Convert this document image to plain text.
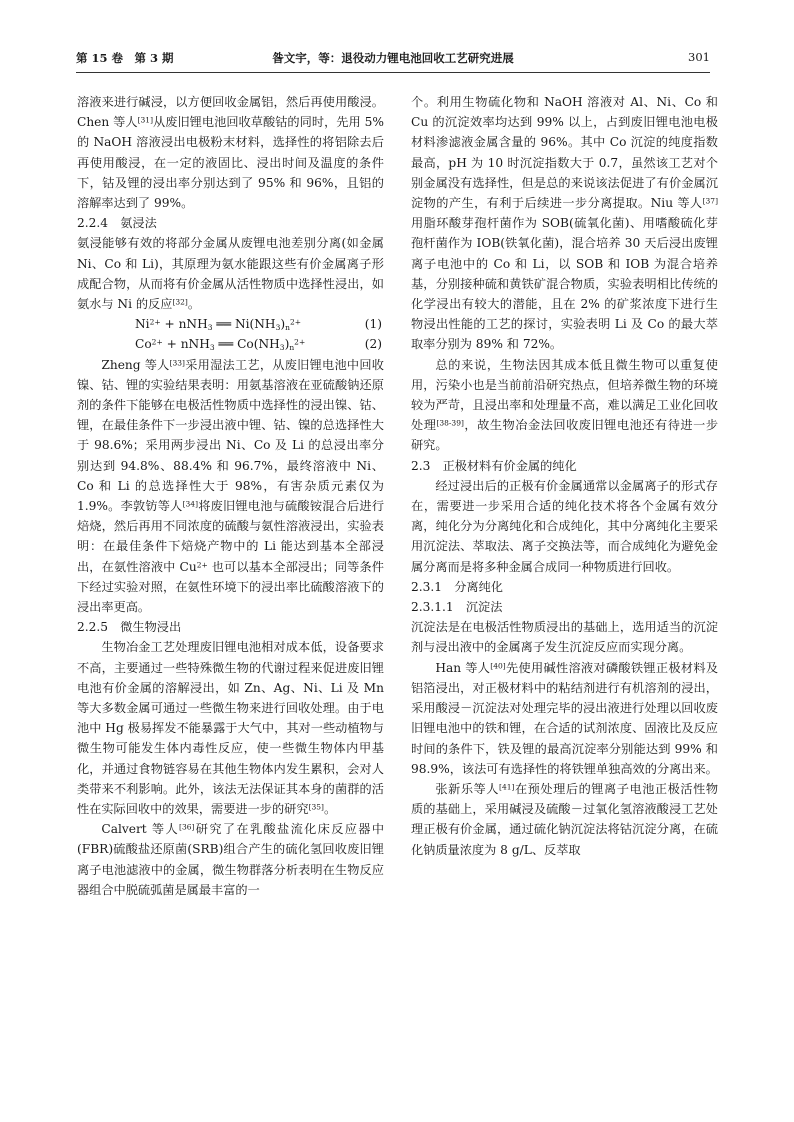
第 15 卷　第 3 期	昝文宇，等：退役动力锂电池回收工艺研究进展	301

溶液来进行碱浸，以方便回收金属铝，然后再使用酸浸。Chen 等人[31]从废旧锂电池回收草酸钴的同时，先用 5% 的 NaOH 溶液浸出电极粉末材料，选择性的将铝除去后再使用酸浸，在一定的液固比、浸出时间及温度的条件下，钴及锂的浸出率分别达到了 95% 和 96%，且铝的溶解率达到了 99%。

2.2.4　氨浸法

氨浸能够有效的将部分金属从废锂电池差别分离(如金属 Ni、Co 和 Li)，其原理为氨水能跟这些有价金属离子形成配合物，从而将有价金属从活性物质中选择性浸出，如氨水与 Ni 的反应[32]。

$Ni^{2+} + nNH_3$ ══ $Ni(NH_3)_n^{2+}$	(1)
$Co^{2+} + nNH_3$ ══ $Co(NH_3)_n^{2+}$	(2)

Zheng 等人[33]采用湿法工艺，从废旧锂电池中回收镍、钴、锂的实验结果表明：用氨基溶液在亚硫酸钠还原剂的条件下能够在电极活性物质中选择性的浸出镍、钴、锂，在最佳条件下一步浸出液中锂、钴、镍的总选择性大于 98.6%；采用两步浸出 Ni、Co 及 Li 的总浸出率分别达到 94.8%、88.4% 和 96.7%，最终溶液中 Ni、Co 和 Li 的总选择性大于 98%，有害杂质元素仅为 1.9%。李敦钫等人[34]将废旧锂电池与硫酸铵混合后进行焙烧，然后再用不同浓度的硫酸与氨性溶液浸出，实验表明：在最佳条件下焙烧产物中的 Li 能达到基本全部浸出，在氨性溶液中 $Cu^{2+}$ 也可以基本全部浸出；同等条件下经过实验对照，在氨性环境下的浸出率比硫酸溶液下的浸出率更高。

2.2.5　微生物浸出

生物冶金工艺处理废旧锂电池相对成本低，设备要求不高，主要通过一些特殊微生物的代谢过程来促进废旧锂电池有价金属的溶解浸出，如 Zn、Ag、Ni、Li 及 Mn 等大多数金属可通过一些微生物来进行回收处理。由于电池中 Hg 极易挥发不能暴露于大气中，其对一些动植物与微生物可能发生体内毒性反应，使一些微生物体内甲基化，并通过食物链容易在其他生物体内发生累积，会对人类带来不利影响。此外，该法无法保证其本身的菌群的活性在实际回收中的效果，需要进一步的研究[35]。

Calvert 等人[36]研究了在乳酸盐流化床反应器中(FBR)硫酸盐还原菌(SRB)组合产生的硫化氢回收废旧锂离子电池滤液中的金属，微生物群落分析表明在生物反应器组合中脱硫弧菌是属最丰富的一

个。利用生物硫化物和 NaOH 溶液对 Al、Ni、Co 和 Cu 的沉淀效率均达到 99% 以上，占到废旧锂电池电极材料渗滤液金属含量的 96%。其中 Co 沉淀的纯度指数最高，pH 为 10 时沉淀指数大于 0.7，虽然该工艺对个别金属没有选择性，但是总的来说该法促进了有价金属沉淀物的产生，有利于后续进一步分离提取。Niu 等人[37]用脂环酸芽孢杆菌作为 SOB(硫氧化菌)、用嗜酸硫化芽孢杆菌作为 IOB(铁氧化菌)，混合培养 30 天后浸出废锂离子电池中的 Co 和 Li，以 SOB 和 IOB 为混合培养基，分别接种硫和黄铁矿混合物质，实验表明相比传统的化学浸出有较大的潜能，且在 2% 的矿浆浓度下进行生物浸出性能的工艺的探讨，实验表明 Li 及 Co 的最大萃取率分别为 89% 和 72%。

总的来说，生物法因其成本低且微生物可以重复使用，污染小也是当前前沿研究热点，但培养微生物的环境较为严苛，且浸出率和处理量不高，难以满足工业化回收处理[38-39]，故生物冶金法回收废旧锂电池还有待进一步研究。

2.3　正极材料有价金属的纯化

经过浸出后的正极有价金属通常以金属离子的形式存在，需要进一步采用合适的纯化技术将各个金属有效分离，纯化分为分离纯化和合成纯化，其中分离纯化主要采用沉淀法、萃取法、离子交换法等，而合成纯化为避免金属分离而是将多种金属合成同一种物质进行回收。

2.3.1　分离纯化

2.3.1.1　沉淀法

沉淀法是在电极活性物质浸出的基础上，选用适当的沉淀剂与浸出液中的金属离子发生沉淀反应而实现分离。

Han 等人[40]先使用碱性溶液对磷酸铁锂正极材料及铝箔浸出，对正极材料中的粘结剂进行有机溶剂的浸出，采用酸浸－沉淀法对处理完毕的浸出液进行处理以回收废旧锂电池中的铁和锂，在合适的试剂浓度、固液比及反应时间的条件下，铁及锂的最高沉淀率分别能达到 99% 和 98.9%，该法可有选择性的将铁锂单独高效的分离出来。

张新乐等人[41]在预处理后的锂离子电池正极活性物质的基础上，采用碱浸及硫酸－过氧化氢溶液酸浸工艺处理正极有价金属，通过硫化钠沉淀法将钴沉淀分离，在硫化钠质量浓度为 8 g/L、反萃取
